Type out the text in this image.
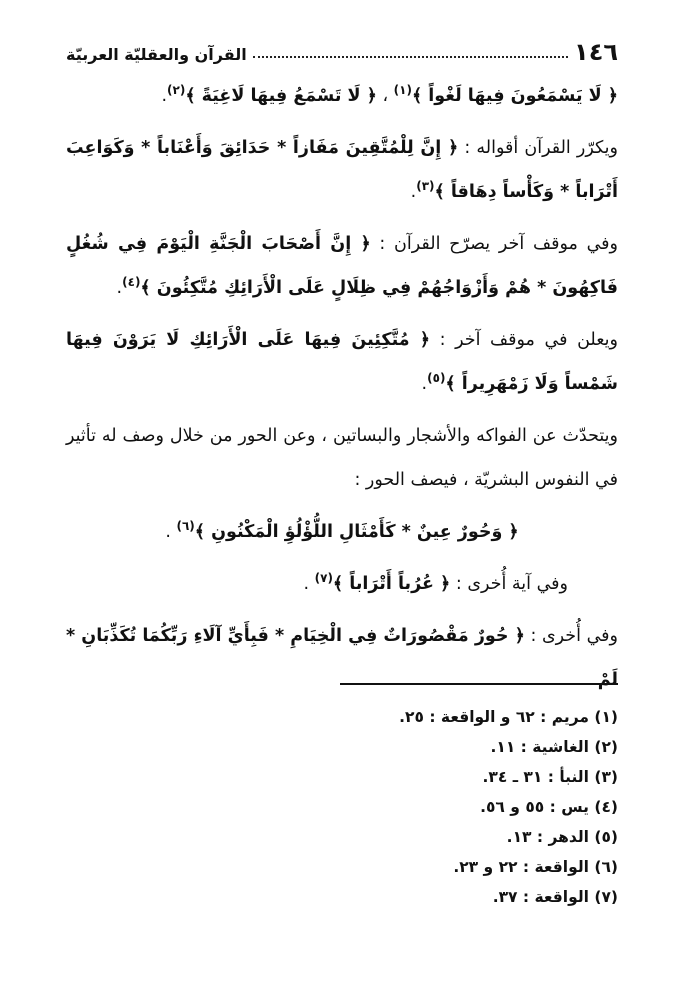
١٤٦
القرآن والعقليّة العربيّة

﴿ لَا يَسْمَعُونَ فِيهَا لَغْواً ﴾$^{(١)}$ ، ﴿ لَا تَسْمَعُ فِيهَا لَاغِيَةً ﴾$^{(٢)}$.

ويكرّر القرآن أقواله : ﴿ إِنَّ لِلْمُتَّقِينَ مَفَازاً * حَدَائِقَ وَأَعْنَاباً * وَكَوَاعِبَ أَتْرَاباً * وَكَأْساً دِهَاقاً ﴾$^{(٣)}$.

وفي موقف آخر يصرّح القرآن : ﴿ إِنَّ أَصْحَابَ الْجَنَّةِ الْيَوْمَ فِي شُغُلٍ فَاكِهُونَ * هُمْ وَأَزْوَاجُهُمْ فِي ظِلَالٍ عَلَى الْأَرَائِكِ مُتَّكِئُونَ ﴾$^{(٤)}$.

ويعلن في موقف آخر : ﴿ مُتَّكِئِينَ فِيهَا عَلَى الْأَرَائِكِ لَا يَرَوْنَ فِيهَا شَمْساً وَلَا زَمْهَرِيراً ﴾$^{(٥)}$.

ويتحدّث عن الفواكه والأشجار والبساتين ، وعن الحور من خلال وصف له تأثير في النفوس البشريّة ، فيصف الحور :

﴿ وَحُورٌ عِينٌ * كَأَمْثَالِ اللُّؤْلُؤِ الْمَكْنُونِ ﴾$^{(٦)}$ .

وفي آية أُخرى : ﴿ عُرُباً أَتْرَاباً ﴾$^{(٧)}$ .

وفي أُخرى : ﴿ حُورٌ مَقْصُورَاتٌ فِي الْخِيَامِ * فَبِأَيِّ آلَاءِ رَبِّكُمَا تُكَذِّبَانِ * لَمْ

(١) مريم : ٦٢ و الواقعة : ٢٥.
(٢) الغاشية : ١١.
(٣) النبأ : ٣١ ـ ٣٤.
(٤) يس : ٥٥ و ٥٦.
(٥) الدهر : ١٣.
(٦) الواقعة : ٢٢ و ٢٣.
(٧) الواقعة : ٣٧.
